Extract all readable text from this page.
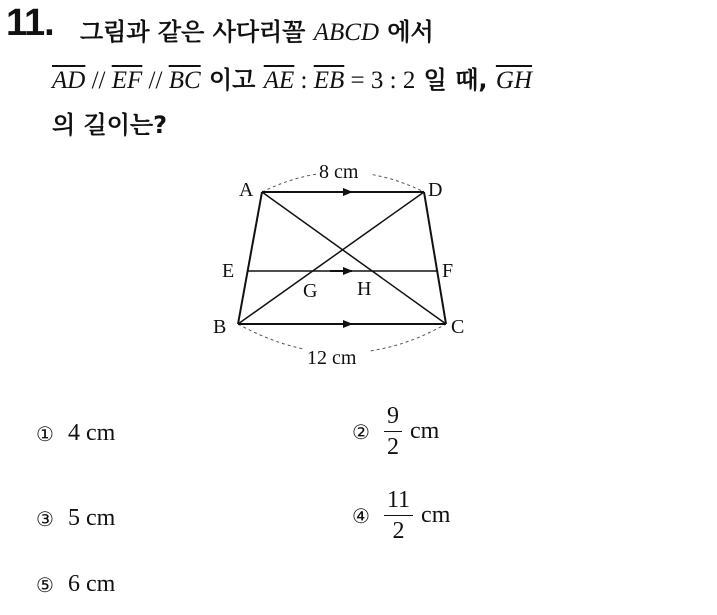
11. 그림과 같은 사다리꼴 ABCD 에서
$\overline{AD} // \overline{EF} // \overline{BC}$ 이고 $\overline{AE}$ : $\overline{EB} = 3$ : 2 일 때, $\overline{GH}$
의 길이는?
A	D
E	F
G H
B	C
8 cm
12 cm
① 4 cm	② $\frac{9}{2}$ cm
③ 5 cm	④ $\frac{11}{2}$ cm
⑤ 6 cm
